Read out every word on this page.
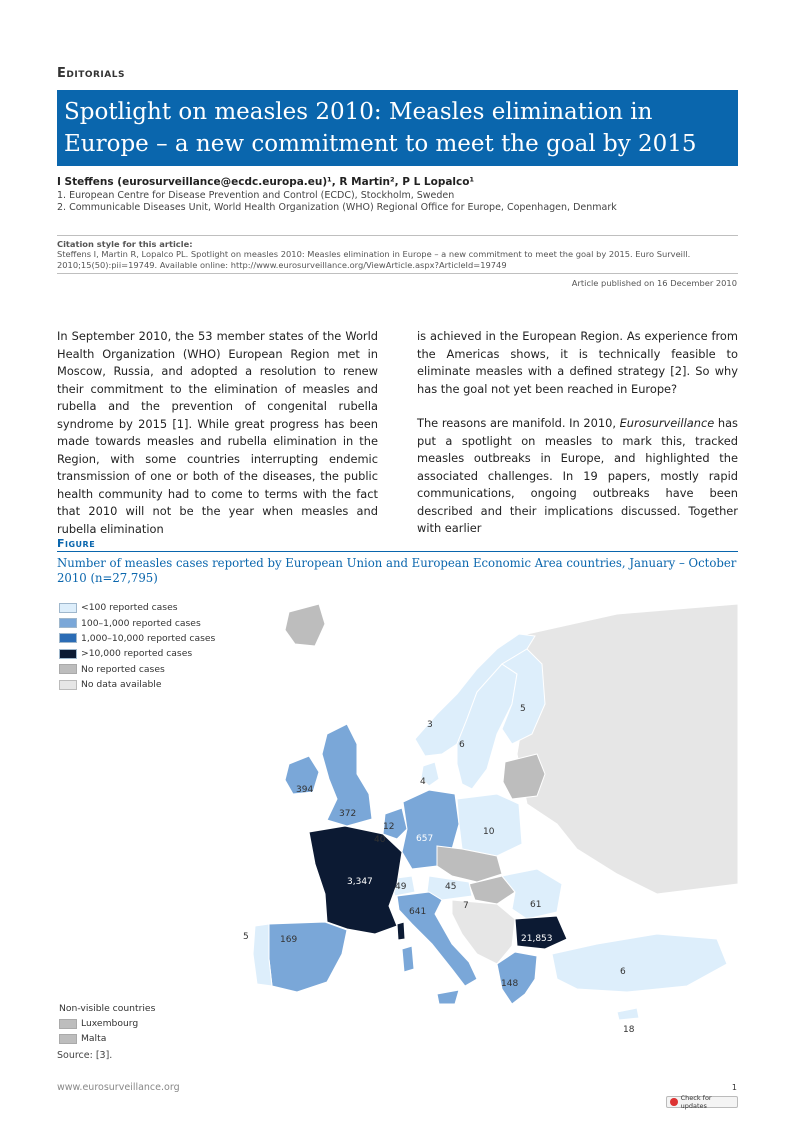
Editorials
Spotlight on measles 2010: Measles elimination in
Europe – a new commitment to meet the goal by 2015
I Steffens (eurosurveillance@ecdc.europa.eu)¹, R Martin², P L Lopalco¹
1. European Centre for Disease Prevention and Control (ECDC), Stockholm, Sweden
2. Communicable Diseases Unit, World Health Organization (WHO) Regional Office for Europe, Copenhagen, Denmark
Citation style for this article:
Steffens I, Martin R, Lopalco PL. Spotlight on measles 2010: Measles elimination in Europe – a new commitment to meet the goal by 2015. Euro Surveill. 2010;15(50):pii=19749. Available online: http://www.eurosurveillance.org/ViewArticle.aspx?ArticleId=19749
Article published on 16 December 2010

In September 2010, the 53 member states of the World Health Organization (WHO) European Region met in Moscow, Russia, and adopted a resolution to renew their commitment to the elimination of measles and rubella and the prevention of congenital rubella syndrome by 2015 [1]. While great progress has been made towards measles and rubella elimination in the Region, with some countries interrupting endemic transmission of one or both of the diseases, the public health community had to come to terms with the fact that 2010 will not be the year when measles and rubella elimination

is achieved in the European Region. As experience from the Americas shows, it is technically feasible to eliminate measles with a defined strategy [2]. So why has the goal not yet been reached in Europe?

The reasons are manifold. In 2010, Eurosurveillance has put a spotlight on measles to mark this, tracked measles outbreaks in Europe, and highlighted the associated challenges. In 19 papers, mostly rapid communications, ongoing outbreaks have been described and their implications discussed. Together with earlier

Figure
Number of measles cases reported by European Union and European Economic Area countries, January – October 2010 (n=27,795)
3
6
5
394
372
4
12
40	657
10
3,347 49	45
7
641
5	169
61
21,853
148
6
18
<100 reported cases
100–1,000 reported cases
1,000–10,000 reported cases
>10,000 reported cases
No reported cases
No data available
Non-visible countries
Luxembourg
Malta
Source: [3].
www.eurosurveillance.org	1
Check for updates
